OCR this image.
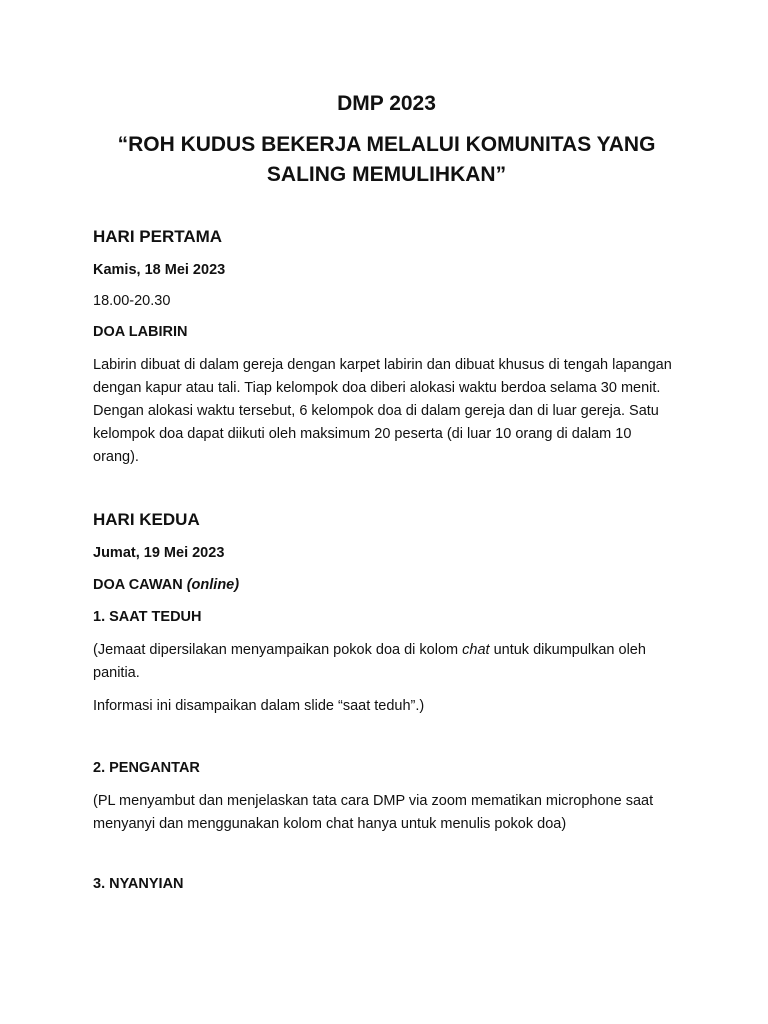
DMP 2023
“ROH KUDUS BEKERJA MELALUI KOMUNITAS YANG SALING MEMULIHKAN”
HARI PERTAMA
Kamis, 18 Mei 2023
18.00-20.30
DOA LABIRIN
Labirin dibuat di dalam gereja dengan karpet labirin dan dibuat khusus di tengah lapangan dengan kapur atau tali. Tiap kelompok doa diberi alokasi waktu berdoa selama 30 menit. Dengan alokasi waktu tersebut, 6 kelompok doa di dalam gereja dan di luar gereja. Satu kelompok doa dapat diikuti oleh maksimum 20 peserta (di luar 10 orang di dalam 10 orang).
HARI KEDUA
Jumat, 19 Mei 2023
DOA CAWAN (online)
1. SAAT TEDUH
(Jemaat dipersilakan menyampaikan pokok doa di kolom chat untuk dikumpulkan oleh panitia.
Informasi ini disampaikan dalam slide “saat teduh”.)
2. PENGANTAR
(PL menyambut dan menjelaskan tata cara DMP via zoom mematikan microphone saat menyanyi dan menggunakan kolom chat hanya untuk menulis pokok doa)
3. NYANYIAN
